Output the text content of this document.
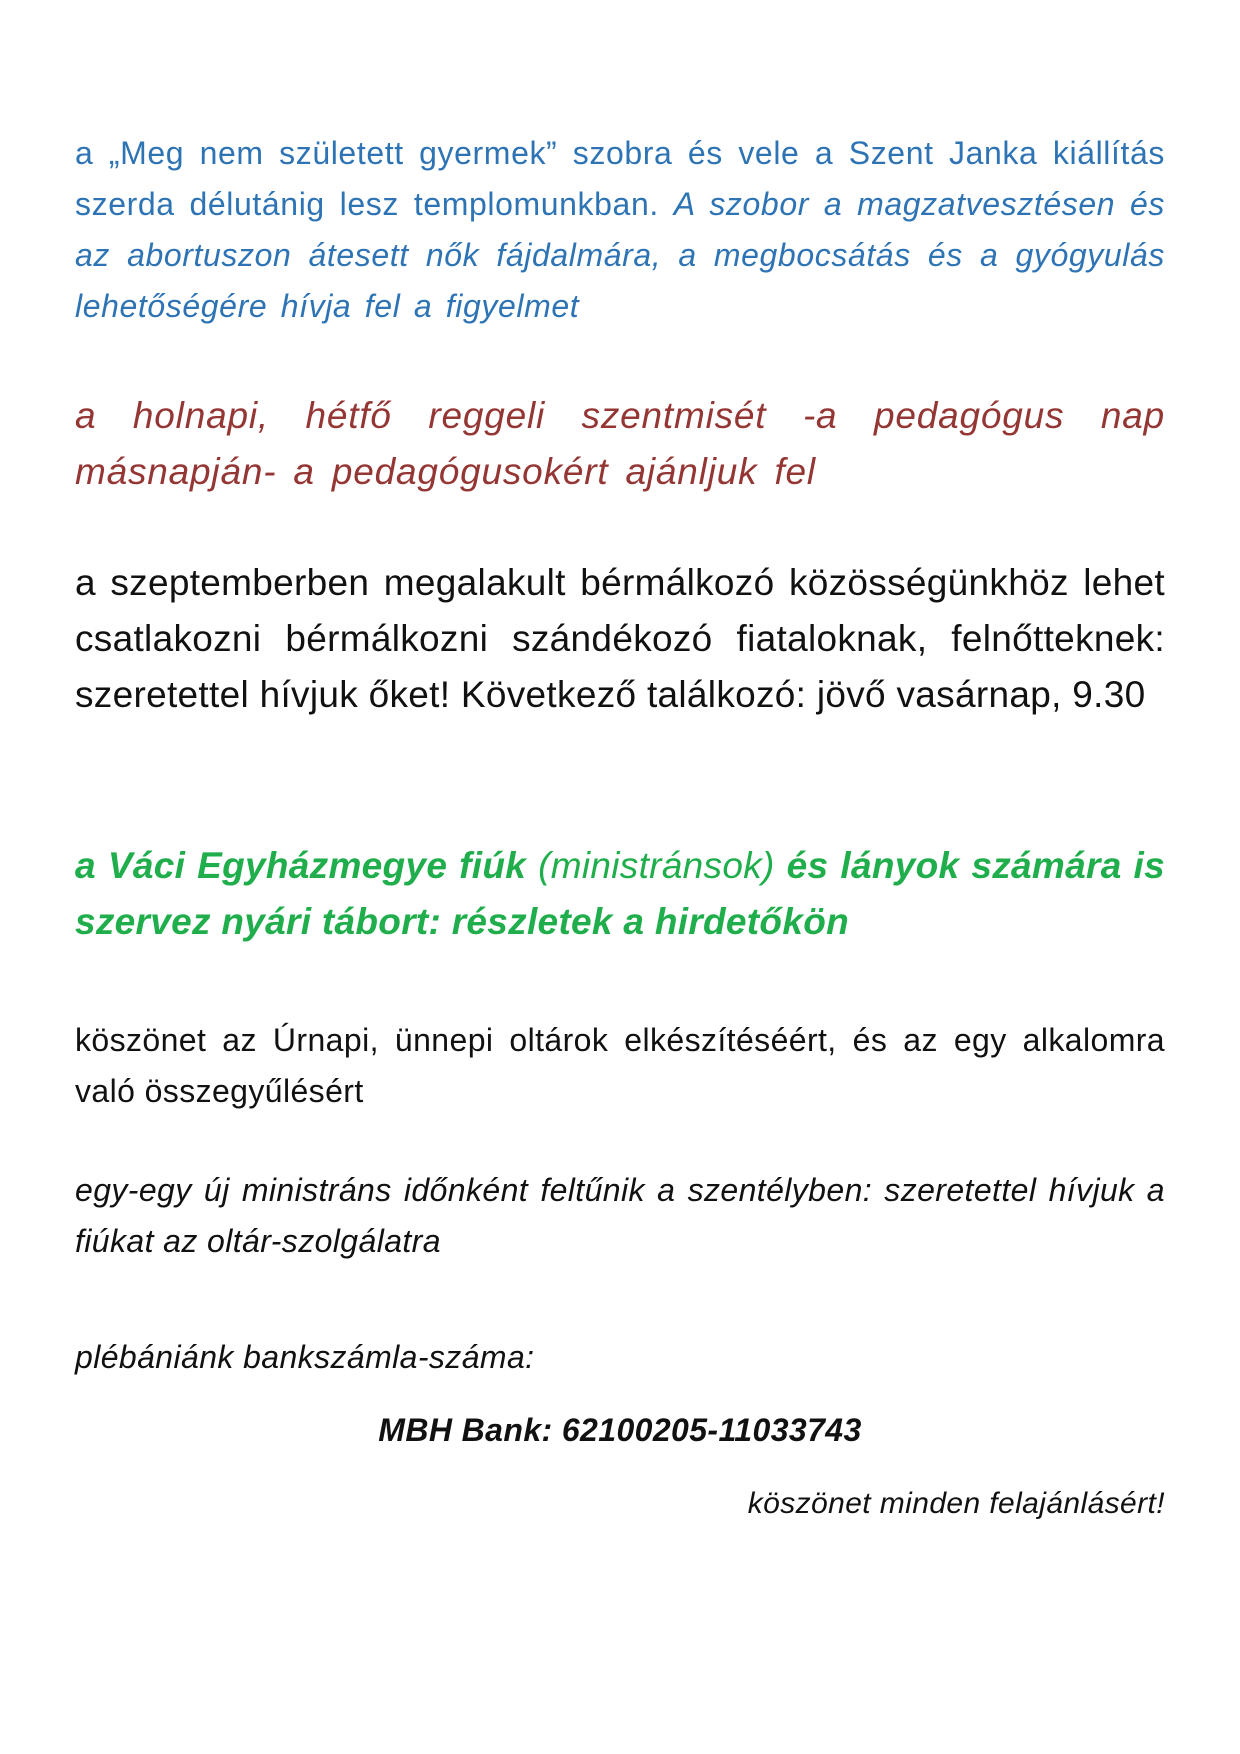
a „Meg nem született gyermek” szobra és vele a Szent Janka kiállítás szerda délutánig lesz templomunkban. A szobor a magzatvesztésen és az abortuszon átesett nők fájdalmára, a megbocsátás és a gyógyulás lehetőségére hívja fel a figyelmet

a holnapi, hétfő reggeli szentmisét -a pedagógus nap másnapján- a pedagógusokért ajánljuk fel

a szeptemberben megalakult bérmálkozó közösségünkhöz lehet csatlakozni bérmálkozni szándékozó fiataloknak, felnőtteknek: szeretettel hívjuk őket! Következő találkozó: jövő vasárnap, 9.30

a Váci Egyházmegye fiúk (ministránsok) és lányok számára is szervez nyári tábort: részletek a hirdetőkön

köszönet az Úrnapi, ünnepi oltárok elkészítéséért, és az egy alkalomra való összegyűlésért

egy-egy új ministráns időnként feltűnik a szentélyben: szeretettel hívjuk a fiúkat az oltár-szolgálatra

plébániánk bankszámla-száma:

MBH Bank: 62100205-11033743

köszönet minden felajánlásért!
